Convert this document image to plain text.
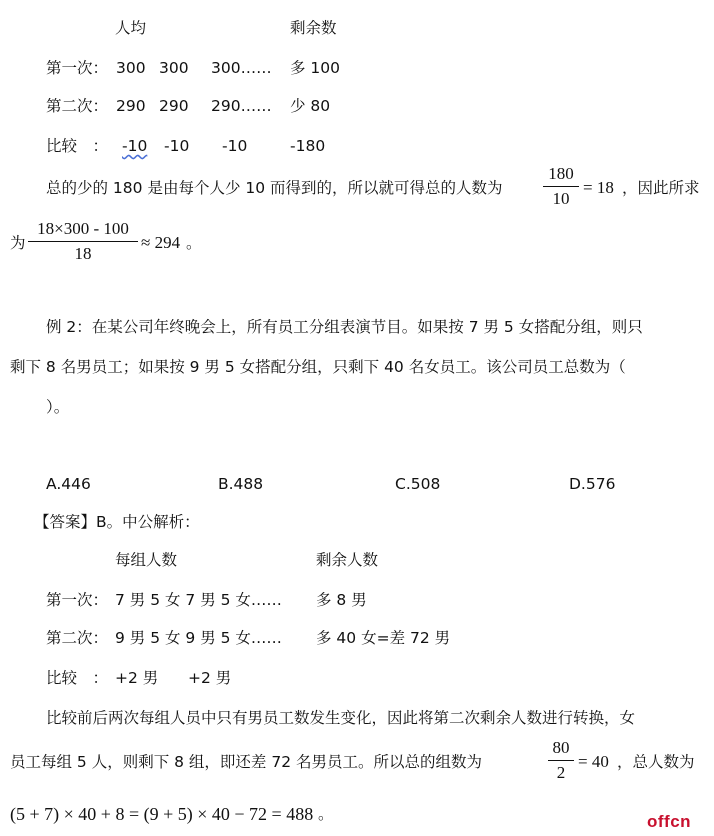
人均	剩余数
第一次： 300 300 300…… 多 100
第二次： 290 290 290…… 少 80
比较　： -10 -10 -10	-180
总的少的 180 是由每个人少 10 而得到的，所以就可得总的人数为
180
10
= 18 ，因此所求
为
18×300 - 100
18
≈ 294 。
例 2：在某公司年终晚会上，所有员工分组表演节目。如果按 7 男 5 女搭配分组，则只
剩下 8 名男员工；如果按 9 男 5 女搭配分组，只剩下 40 名女员工。该公司员工总数为（
）。
A.446	B.488	C.508	D.576
【答案】B。中公解析：
每组人数	剩余人数
第一次： 7 男 5 女 7 男 5 女…… 多 8 男
第二次： 9 男 5 女 9 男 5 女…… 多 40 女=差 72 男
比较　： +2 男 +2 男
比较前后两次每组人员中只有男员工数发生变化，因此将第二次剩余人数进行转换，女
员工每组 5 人，则剩下 8 组，即还差 72 名男员工。所以总的组数为
80
2
= 40 ，总人数为
(5 + 7) × 40 + 8 = (9 + 5) × 40 − 72 = 488 。	offcn
